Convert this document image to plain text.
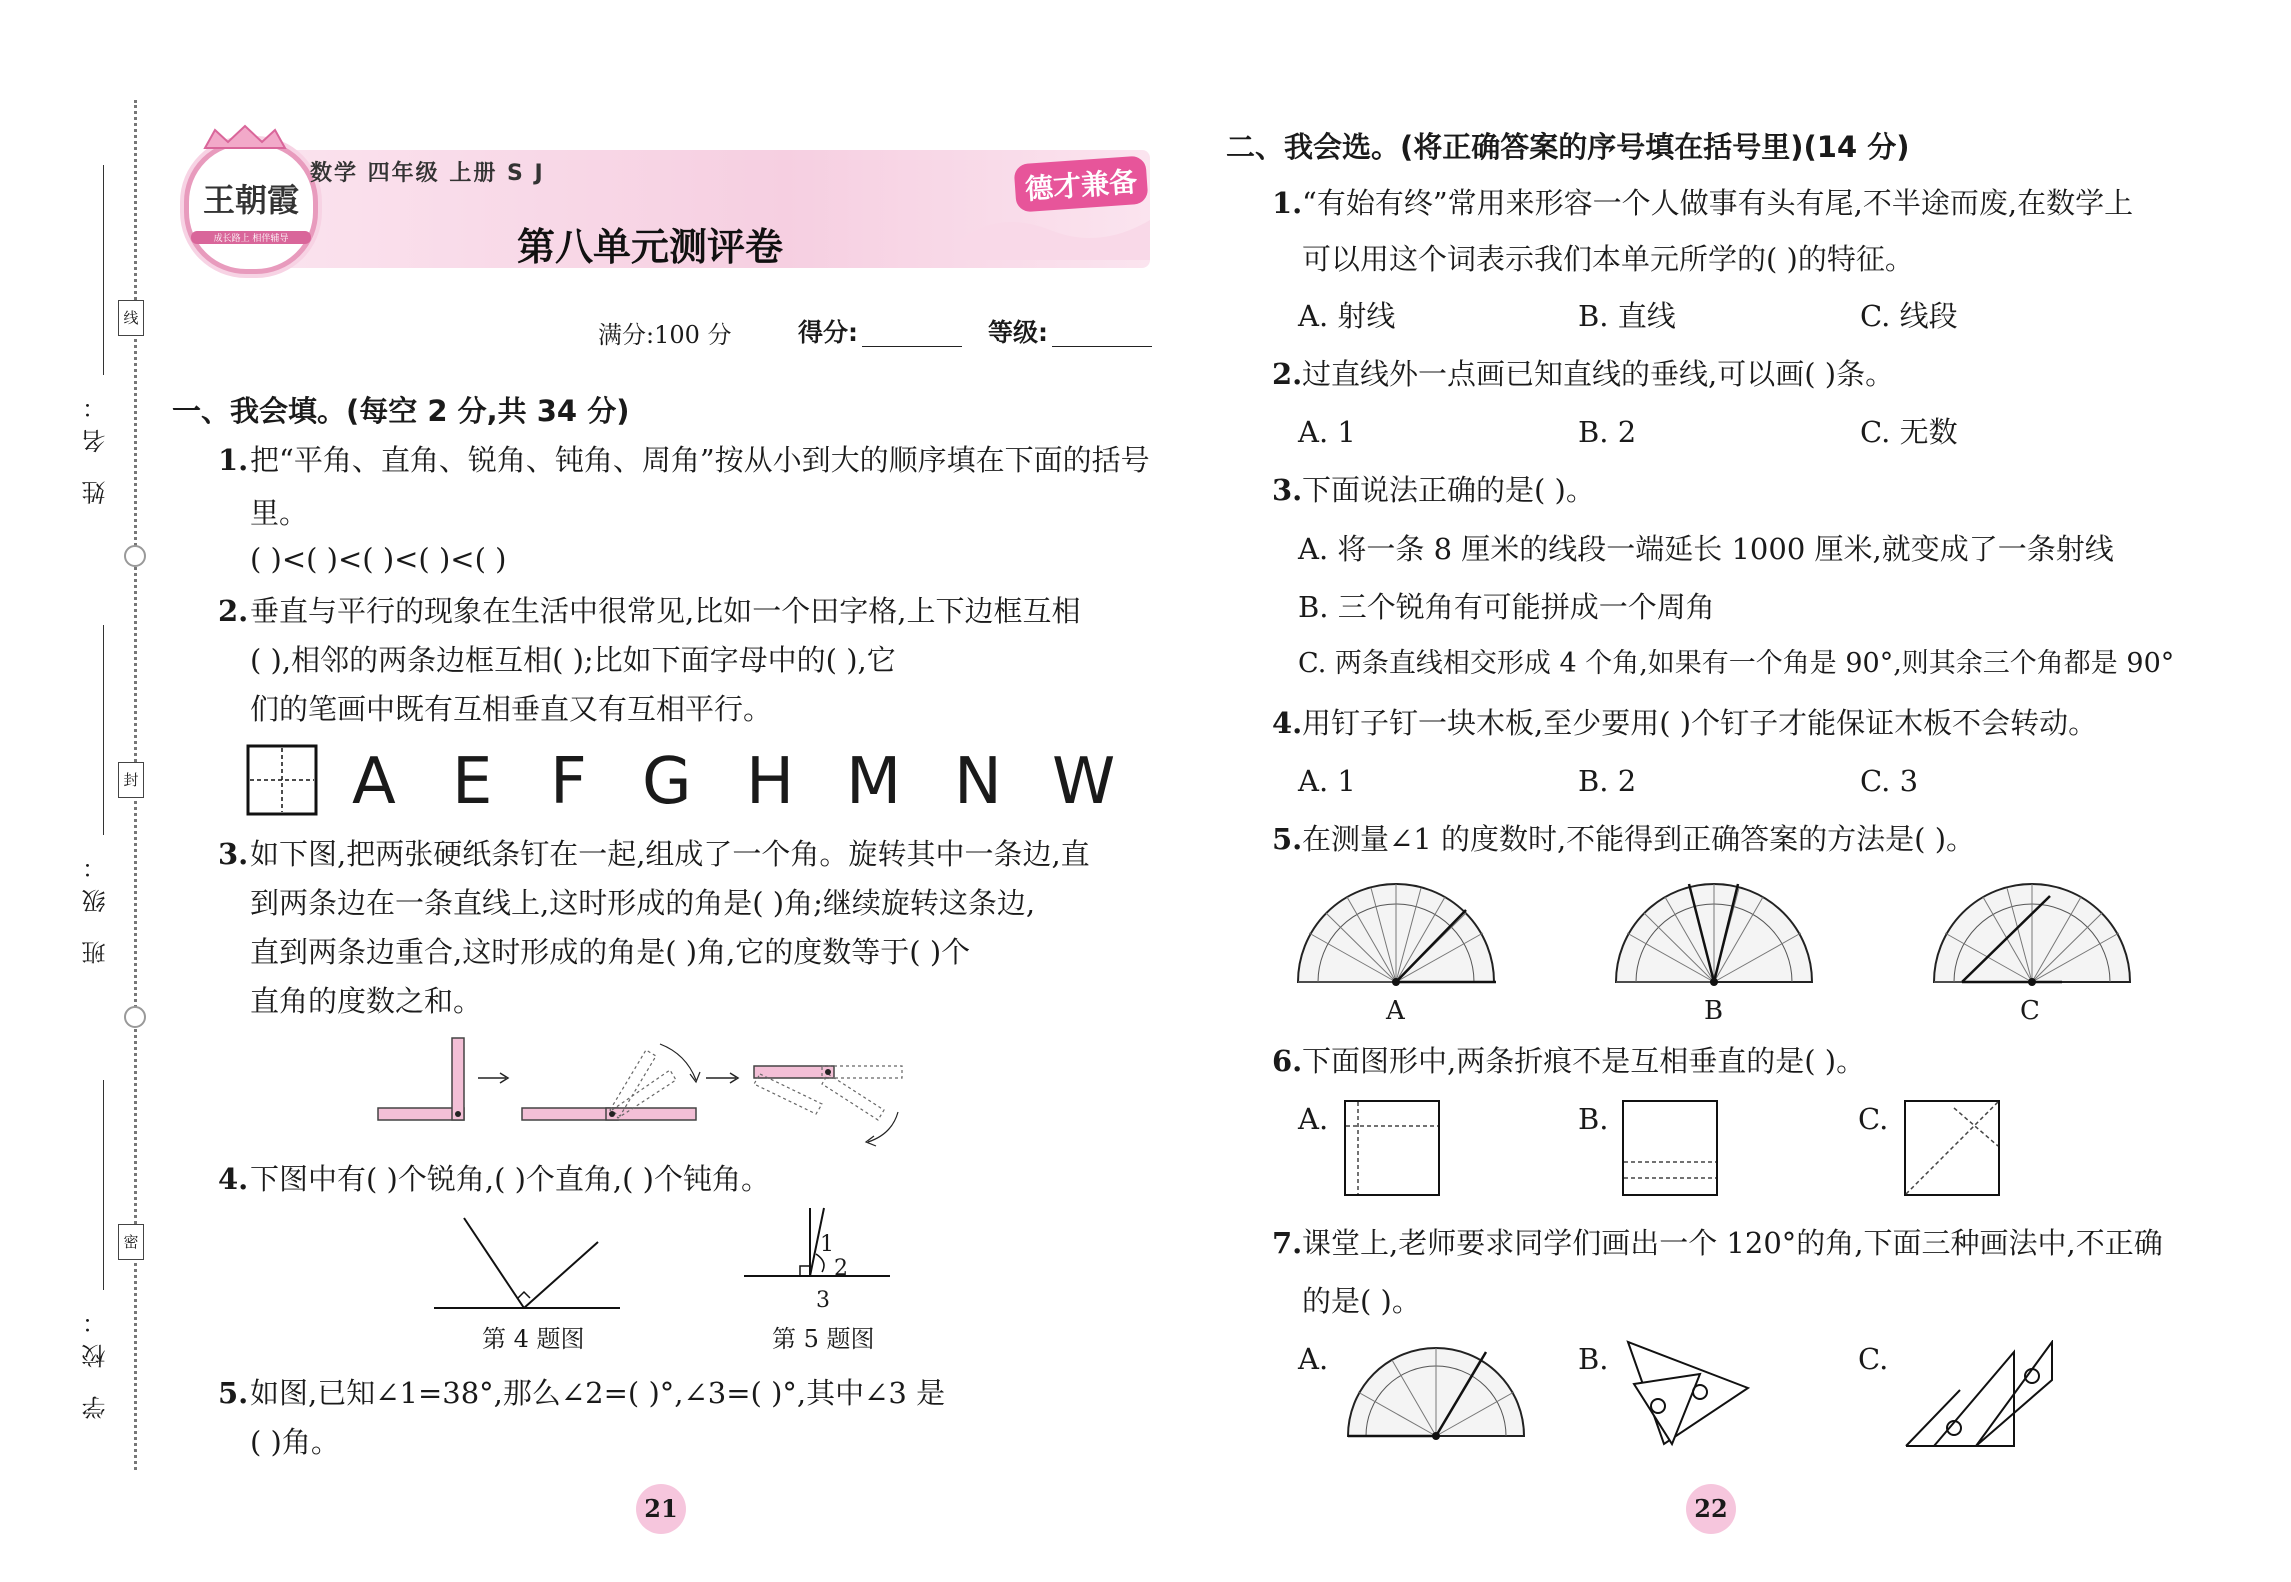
线
封
密
姓 名：
班 级：
学 校：
王朝霞
成长路上 相伴辅导
数学 四年级 上册 S J	德才兼备
第八单元测评卷
满分:100 分	得分:	等级:
一、我会填。(每空 2 分,共 34 分)
1. 把“平角、直角、锐角、钝角、周角”按从小到大的顺序填在下面的括号
里。
( )<( )<( )<( )<( )
2. 垂直与平行的现象在生活中很常见,比如一个田字格,上下边框互相
( ),相邻的两条边框互相( );比如下面字母中的( ),它
们的笔画中既有互相垂直又有互相平行。
A E F G H M N W
3. 如下图,把两张硬纸条钉在一起,组成了一个角。旋转其中一条边,直
到两条边在一条直线上,这时形成的角是( )角;继续旋转这条边,
直到两条边重合,这时形成的角是( )角,它的度数等于( )个
直角的度数之和。
4. 下图中有( )个锐角,( )个直角,( )个钝角。
第 4 题图
1
2
3
第 5 题图
5. 如图,已知∠1=38°,那么∠2=( )°,∠3=( )°,其中∠3 是
( )角。
21
二、我会选。(将正确答案的序号填在括号里)(14 分)
1. “有始有终”常用来形容一个人做事有头有尾,不半途而废,在数学上
可以用这个词表示我们本单元所学的( )的特征。
A. 射线	B. 直线	C. 线段
2. 过直线外一点画已知直线的垂线,可以画( )条。
A. 1	B. 2	C. 无数
3. 下面说法正确的是( )。
A. 将一条 8 厘米的线段一端延长 1000 厘米,就变成了一条射线
B. 三个锐角有可能拼成一个周角
C. 两条直线相交形成 4 个角,如果有一个角是 90°,则其余三个角都是 90°
4. 用钉子钉一块木板,至少要用( )个钉子才能保证木板不会转动。
A. 1	B. 2	C. 3
5. 在测量∠1 的度数时,不能得到正确答案的方法是( )。
A	B	C
6. 下面图形中,两条折痕不是互相垂直的是( )。
A.	B.	C.
7. 课堂上,老师要求同学们画出一个 120°的角,下面三种画法中,不正确
的是( )。
A.	B.	C.
22
